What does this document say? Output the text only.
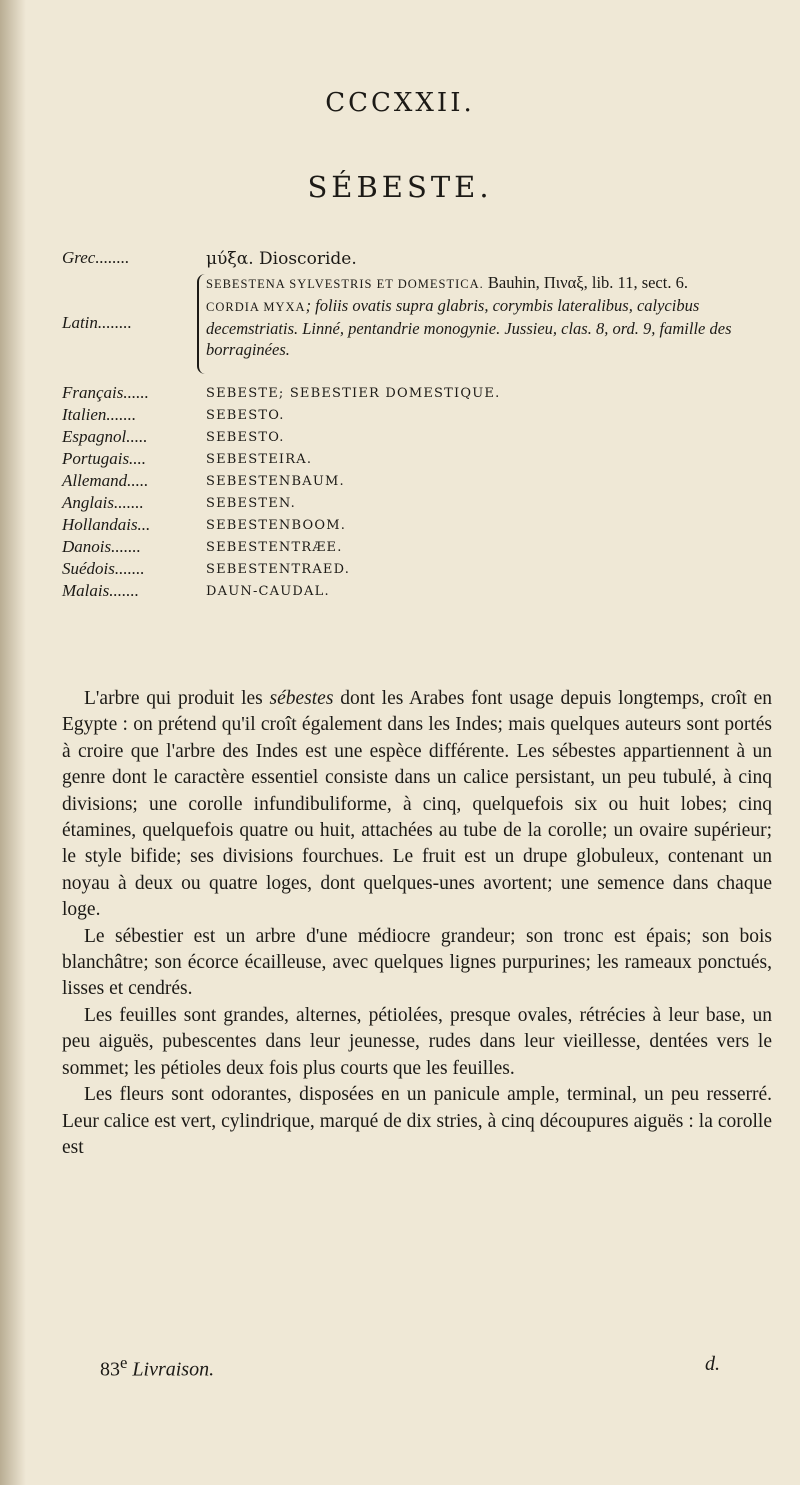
CCCXXII.
SÉBESTE.
Grec........	μύξα. Dioscoride.
Latin........
SEBESTENA SYLVESTRIS ET DOMESTICA. Bauhin, Πιναξ, lib. 11, sect. 6.
CORDIA MYXA; foliis ovatis supra glabris, corymbis lateralibus, calycibus decemstriatis. Linné, pentandrie monogynie. Jussieu, clas. 8, ord. 9, famille des borraginées.
Français......	SEBESTE; SEBESTIER DOMESTIQUE.
Italien.......	SEBESTO.
Espagnol.....	SEBESTO.
Portugais....	SEBESTEIRA.
Allemand.....	SEBESTENBAUM.
Anglais.......	SEBESTEN.
Hollandais...	SEBESTENBOOM.
Danois.......	SEBESTENTRÆE.
Suédois.......	SEBESTENTRAED.
Malais.......	DAUN-CAUDAL.

L'arbre qui produit les sébestes dont les Arabes font usage depuis longtemps, croît en Egypte : on prétend qu'il croît également dans les Indes; mais quelques auteurs sont portés à croire que l'arbre des Indes est une espèce différente. Les sébestes appartiennent à un genre dont le caractère essentiel consiste dans un calice persistant, un peu tubulé, à cinq divisions; une corolle infundibuliforme, à cinq, quelquefois six ou huit lobes; cinq étamines, quelquefois quatre ou huit, attachées au tube de la corolle; un ovaire supérieur; le style bifide; ses divisions fourchues. Le fruit est un drupe globuleux, contenant un noyau à deux ou quatre loges, dont quelques-unes avortent; une semence dans chaque loge.

Le sébestier est un arbre d'une médiocre grandeur; son tronc est épais; son bois blanchâtre; son écorce écailleuse, avec quelques lignes purpurines; les rameaux ponctués, lisses et cendrés.

Les feuilles sont grandes, alternes, pétiolées, presque ovales, rétrécies à leur base, un peu aiguës, pubescentes dans leur jeunesse, rudes dans leur vieillesse, dentées vers le sommet; les pétioles deux fois plus courts que les feuilles.

Les fleurs sont odorantes, disposées en un panicule ample, terminal, un peu resserré. Leur calice est vert, cylindrique, marqué de dix stries, à cinq découpures aiguës : la corolle est

83e Livraison.	d.
